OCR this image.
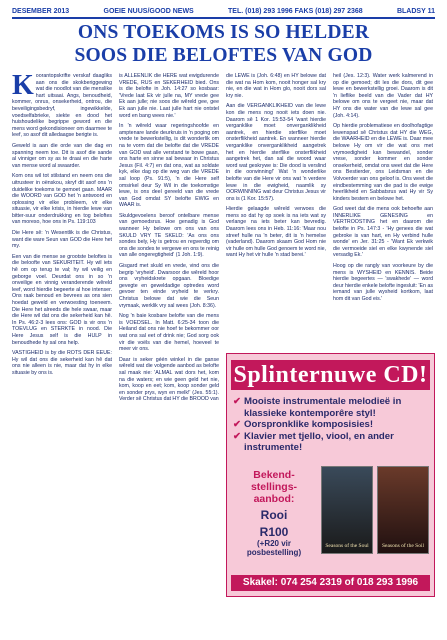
DESEMBER 2013	GOEIE NUUS/GOOD NEWS	TEL. (018) 293 1996 FAKS (018) 297 2368	BLADSY 11
ONS TOEKOMS IS SO HELDER
SOOS DIE BELOFTES VAN GOD
K oorantopskrifte verskaf daagliks aan ons die skokberiggewing wat die noodlot van die menslike hart uitsaai. Angs, benoudheid, kommer, onrus, onsekerheid, ontrou, die beveiligingsbedryf, ingewikkelde, voedselfabrieke, siekte en dood het huishoudelike begrippe geword en die mens word gekondisioneer om daarmee te leef, so asof dit alledaagse berigte is.

Geweld is aan die orde van die dag en spanning neem toe. Dit is asof die sande al vinniger om sy as te draai en die harte van mense word al swaarder.

Kom ons wil tot stilstand en neem ons die uitrusteer in oënskou, skryf dit asof ons 'n duidelike toekoms te gemoet gaan. MAAR die WOORD van GOD het 'n antwoord en oplossing vir elke probleem, vir elke situasie, vir elke krisis, in hierdie lewe van bitter-suur onderdrukking en tog beloftes van moreso, hoe ons in Ps. 119:103

Die Here sê: 'n Wesentlik is die Christus, want die ware Seun van GOD die Here het my.

Een van die mense se grootste beloftes is die beloofte van SEKURITEIT. Hy wil iets hê om op terug te val; hy wil veilig en geborge voel. Deurdat ons in so 'n onveilige en vinnig veranderende wêreld leef, word hierdie begeerte al hoe intenser. Ons raak benoud en bevrees as ons sien hoedat geweld en verwoesting toeneem. Die Here het alreeds die hele swaar, maar die Here wil dat ons die sekerheid kan hê. In Ps. 46:2-3 lees ons: GOD is vir ons 'n TOEVLUG en STERKTE in nood. Die Here Jesus self is die HULP in benoudhede hy sal ons help.

VASTIGHEID is by die ROTS DER EEUE: Hy wil dat ons die sekerheid kan hê dat ons nie alleen is nie, maar dat hy in elke situasie by ons is.

is ALLEENLIK die HERE wat ewigdurende VREDE, RUS en SEKERHEID bied. Ons is die belofte in Joh. 14:27 so kosbaar: 'Vrede laat Ek vir julle na, MY vrede gee Ek aan julle; nie soos die wêreld gee, gee Ek aan julle nie. Laat julle hart nie ontstel word en bang wees nie.'

In 'n wêreld waar regeringshoofde en amptenare lande deurkruis in 'n poging om vrede te bewerkstellig, is dit wonderlik om na te vorm dat die belofte dat die VREDE van GOD wat alle verstand te bowe gaan, ons harte en sinne sal bewaar in Christus Jesus (Fil. 4:7) en dat ons, wat as soldate kyk, elke dag op die weg van die VREDE sal loop (Ps. 91:5), 'n die Here self omsirkel deur Sy Wil in die toekomstige lewe, is ons deel gereeld van die vrede van God omdat SY belofte EWIG en WAAR is.

Skuldgevoelens beroof ontelbare mense van gemoedsrus. Hoe genadig is God wanneer Hy belowe om ons van ons SKULD VRY TE SKELD: 'As ons ons sondes bely, Hy is getrou en regverdig om ons die sondes te vergewe en ons te reinig van alle ongeregtigheid' (1 Joh. 1:9).

Gisgard met skuld en vrede, vind ons die begrip 'vryheid'. Dwarsoor die wêreld hoor ons vryheidskrete opgaan. Bloedige gevegte en geweldadige optredes word gevoer ten einde vryheid te verkry. Christus belowe dat wie die Seun vrymaak, werklik vry sal wees (Joh. 8:36).

Nog 'n baie kosbare belofte van die mens is VOEDSEL. In Matt. 6:25-34 toon die Heiland dat ons nie hoef te bekommer oor wat ons sal eet of drink nie; God sorg ook vir die voëls van die hemel, hoeveel te meer vir ons.

Daar is seker géén winkel in die ganse wêreld wat die volgende aanbod as belofte sal maak nie: 'ALMAL wat dors het, kom na die waters; en wie geen geld het nie, kom, koop en eet; kom, koop sonder geld en sonder prys, wyn en melk!' (Jes. 55:1). Verder sê Christus dat HY die BROOD van

die LEWE is (Joh. 6:48) en HY belowe dat die wat na Hom kom, nooit honger sal kry nie, en die wat in Hom glo, nooit dors sal kry nie.

Aan die VERGANKLIKHEID van die lewe kon die mens nog nooit iets doen nie. Daarom sê 1 Kor. 15:53-54 'want hierdie verganklike moet onverganklikheid aantrek, en hierdie sterflike moet onsterflikheid aantrek. En wanneer hierdie verganklike onverganklikheid aangetrek het en hierdie sterflike onsterflikheid aangetrek het, dan sal die woord waar word wat geskrywe is: Die dood is verslind in die oorwinning!' Wat 'n wonderlike belofte van die Here vir ons wat 'n verdere lewe in die ewigheid, naamlik sy OORWINNING wat deur Christus Jesus vir ons is (1 Kor. 15:57).

Hierdie gelaagde wêreld verwoes die mens so dat hy op soek is na iets wat sy verlange na iets beter kan bevredig. Daarom lees ons in Heb. 11:16: 'Maar nou streef hulle na 'n beter, dit is 'n hemelse (vaderland). Daarom skaam God Hom nie vir hulle om hulle God genoem te word nie, want Hy het vir hulle 'n stad berei.'

heil (Jes. 12:3). Water werk kalmerend in op die gemoed; dit les die dors, dit gee lewe en bewerkstellig groei. Daarom is dit 'n lieflike beeld van die Vader dat HY belowe om ons te vergeet nie, maar dat HY ons die water van die lewe sal gee (Joh. 4:14).

Op hierdie problematiese en doolhofagtige lewenspad sê Christus dat HY die WEG, die WAARHEID en die LEWE is. Daar mee belowe Hy om vir die wat ons met vrymoedigheid kan bewandel, sonder vrese, sonder kommer en sonder onsekerheid, omdat ons weet dat die Here ons Bestierder, ons Leidsman en die Volvoerder van ons geloof is. Ons weet die eindbestemming van die pad is die ewige heerlikheid en Sabbatsrus wat Hy vir Sy kinders bestem en belowe het.

God weet dat die mens ook behoefte aan INNERLIKE GENESING en VERTROOSTING het en daarom die belofte in Ps. 147:3 - 'Hy genees die wat gebroke is van hart, en Hy verbind hulle wonde' en Jer. 31:25 - 'Want Ek verkwik die vermoeide siel en elke kwynende siel versadig Ek.'

Hoog op die rangly van voorkeure by die mens is WYSHEID en KENNIS. Beide hierdie begeertes — 'swakhede' — word deur hierdie enkele belofte ingesluit: 'En as iemand van julle wysheid kortkom, laat hom dit van God eis.'

Splinternuwe CD!
✔ Mooiste instrumentale melodieë in klassieke kontemporêre styl!
✔ Oorspronklike komposisies!
✔ Klavier met tjello, viool, en ander instrumente!
Bekend-stellings-aanbod:
Rooi
R100
(+R20 vir posbestelling)
Seasons of the Soul Seasons of the Soil
Skakel: 074 254 2319 of 018 293 1996
